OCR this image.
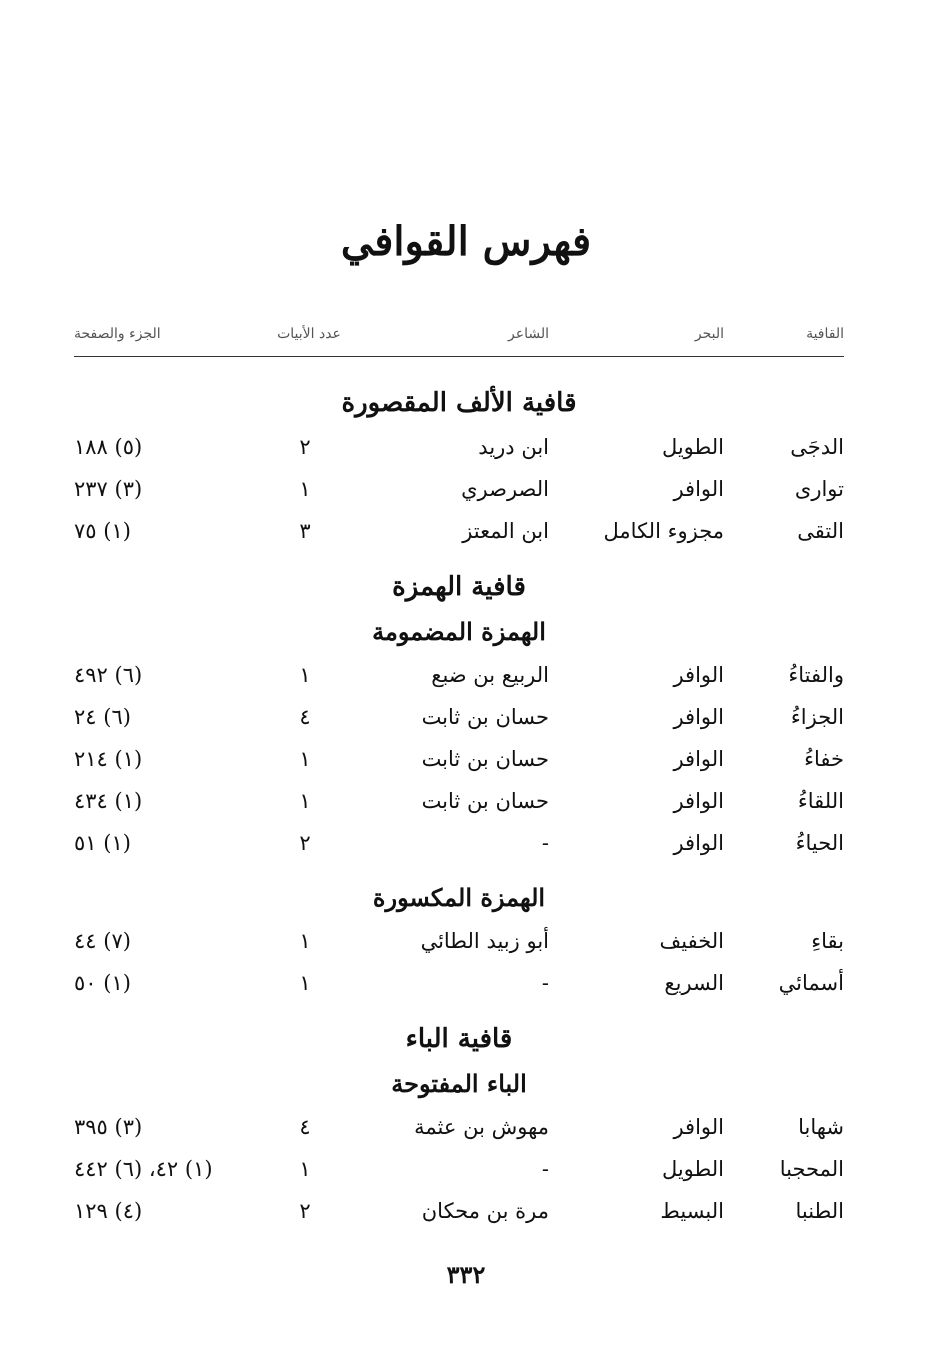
فهرس القوافي
القافية
البحر
الشاعر
عدد الأبيات
الجزء والصفحة
قافية الألف المقصورة
الدجَى
الطويل
ابن دريد
٢
(٥) ١٨٨
توارى
الوافر
الصرصري
١
(٣) ٢٣٧
التقى
مجزوء الكامل
ابن المعتز
٣
(١) ٧٥
قافية الهمزة
الهمزة المضمومة
والفتاءُ
الوافر
الربيع بن ضبع
١
(٦) ٤٩٢
الجزاءُ
الوافر
حسان بن ثابت
٤
(٦) ٢٤
خفاءُ
الوافر
حسان بن ثابت
١
(١) ٢١٤
اللقاءُ
الوافر
حسان بن ثابت
١
(١) ٤٣٤
الحياءُ
الوافر
-
٢
(١) ٥١
الهمزة المكسورة
بقاءِ
الخفيف
أبو زبيد الطائي
١
(٧) ٤٤
أسمائي
السريع
-
١
(١) ٥٠
قافية الباء
الباء المفتوحة
شهابا
الوافر
مهوش بن عثمة
٤
(٣) ٣٩٥
المحجبا
الطويل
-
١
(١) ٤٢، (٦) ٤٤٢
الطنبا
البسيط
مرة بن محكان
٢
(٤) ١٢٩
٣٣٢
